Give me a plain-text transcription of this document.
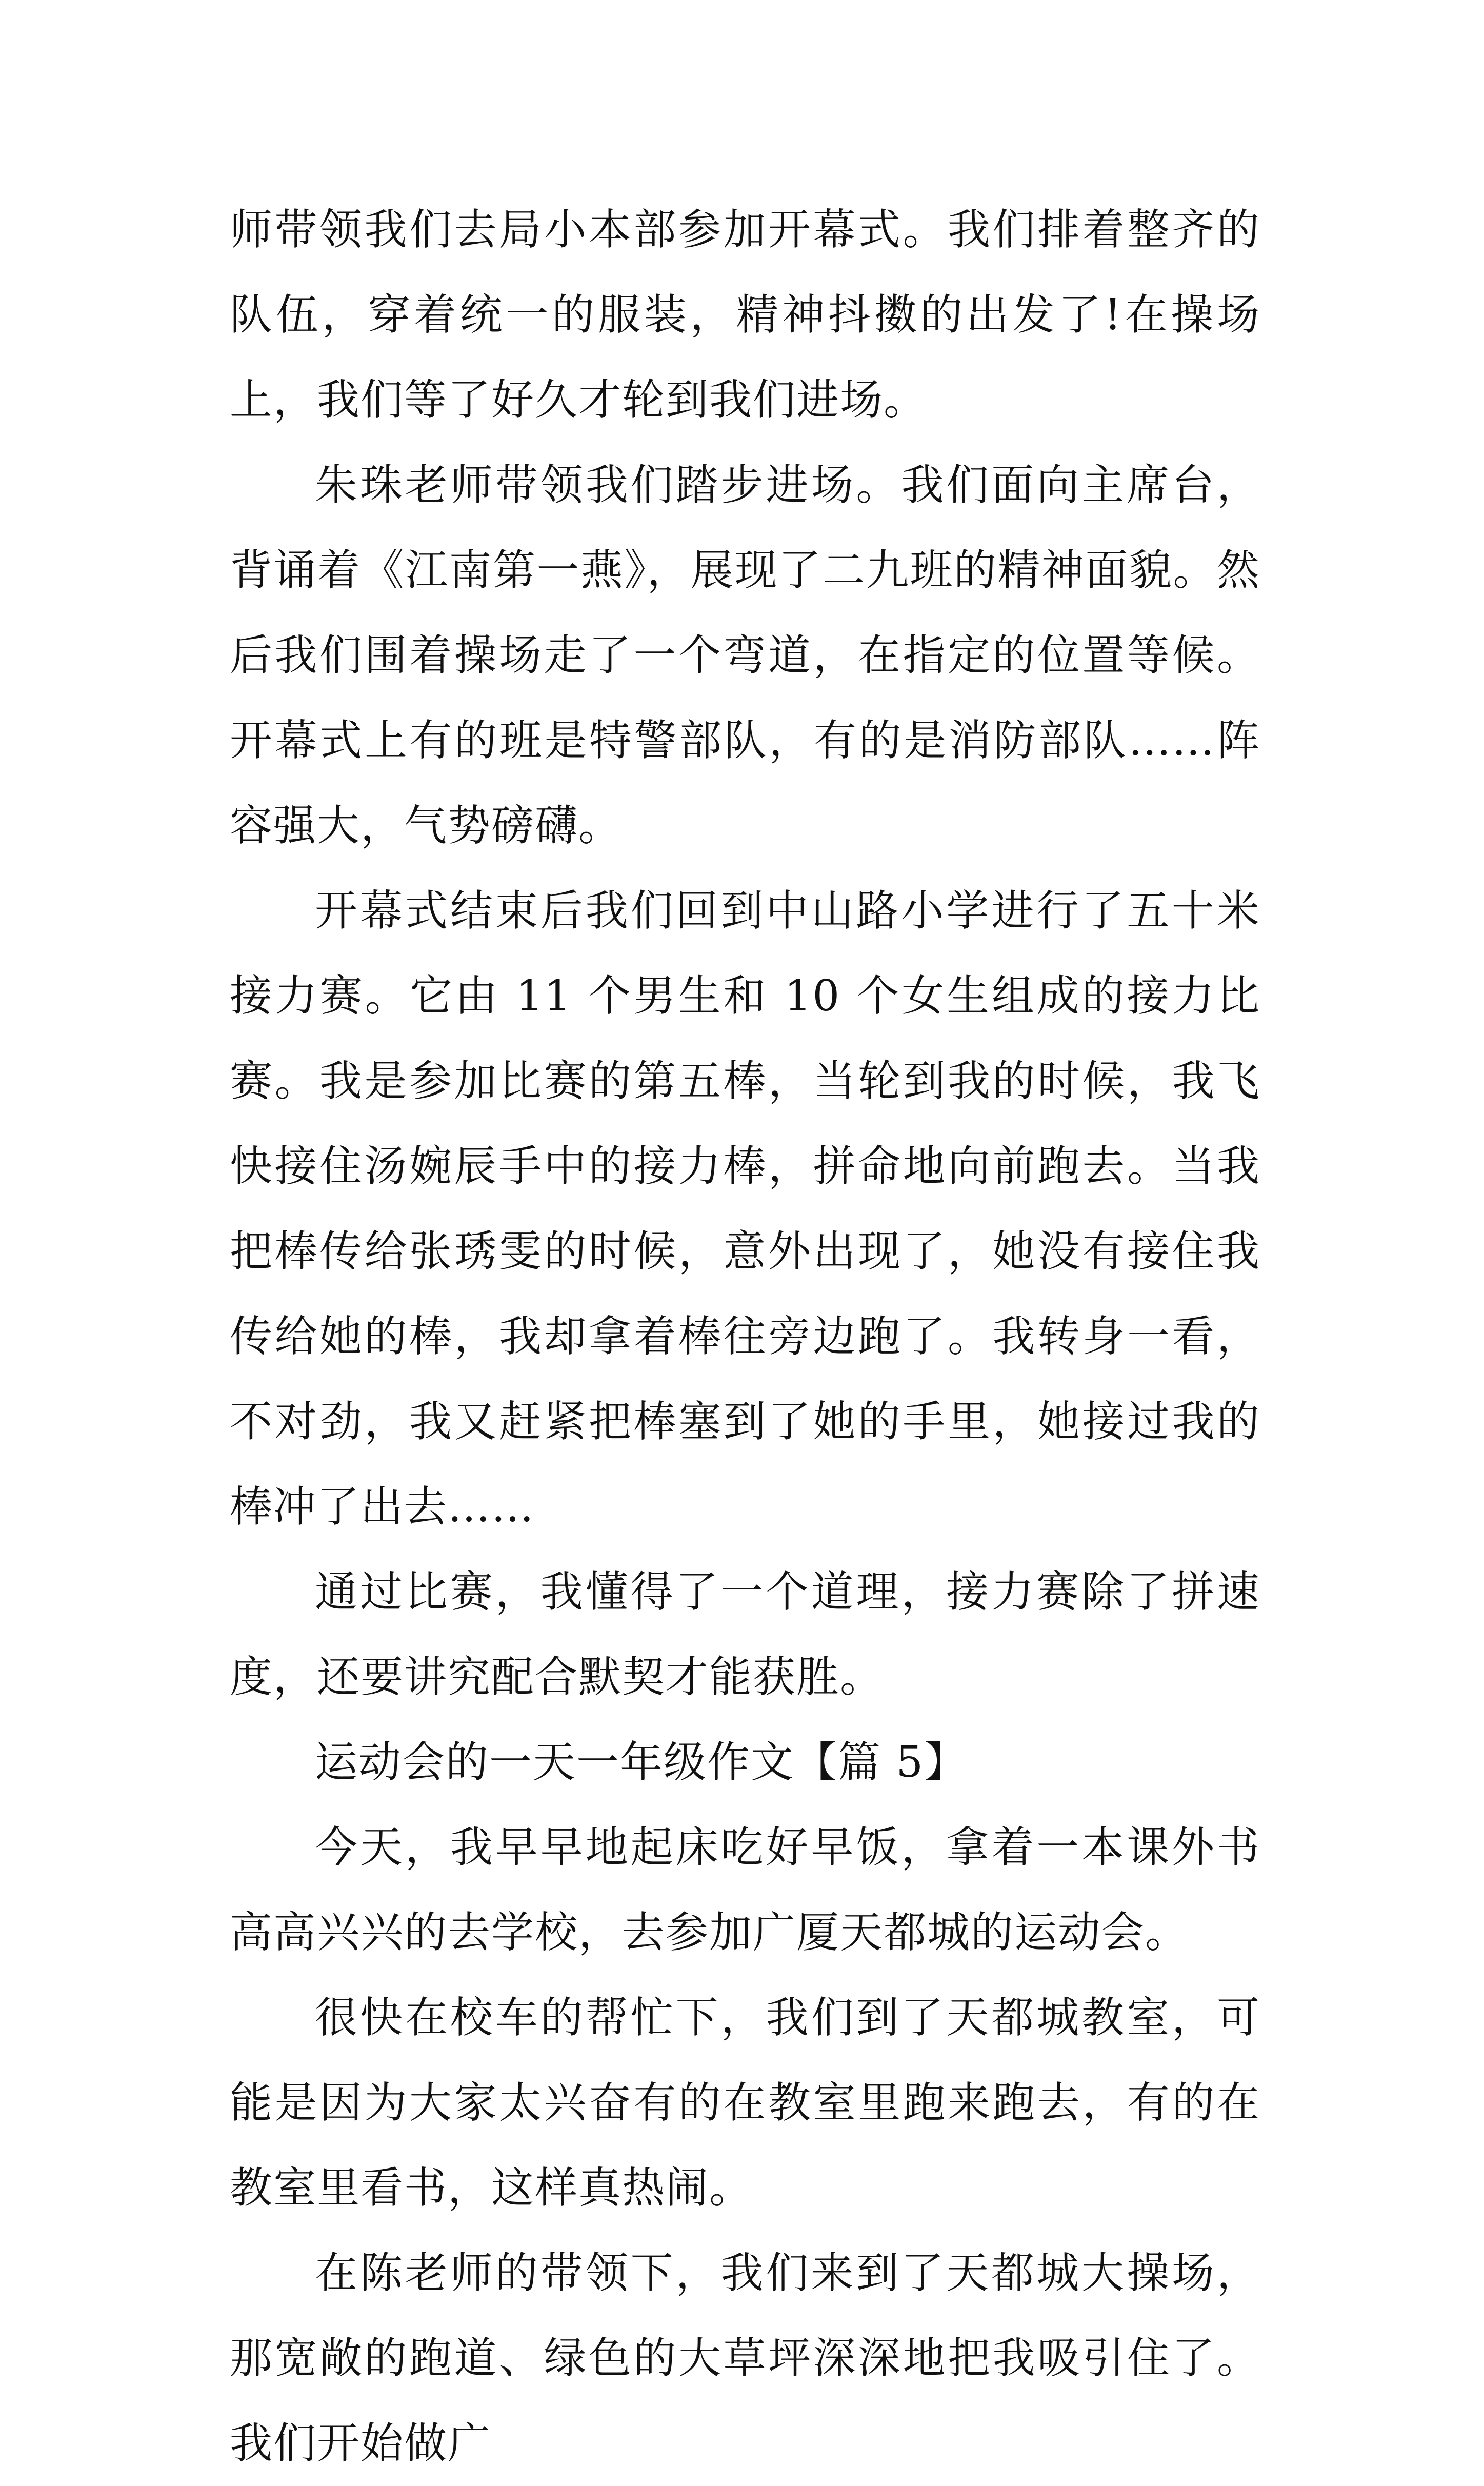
师带领我们去局小本部参加开幕式。我们排着整齐的队伍，穿着统一的服装，精神抖擞的出发了!在操场上，我们等了好久才轮到我们进场。

朱珠老师带领我们踏步进场。我们面向主席台，背诵着《江南第一燕》，展现了二九班的精神面貌。然后我们围着操场走了一个弯道，在指定的位置等候。开幕式上有的班是特警部队，有的是消防部队……阵容强大，气势磅礴。

开幕式结束后我们回到中山路小学进行了五十米接力赛。它由 11 个男生和 10 个女生组成的接力比赛。我是参加比赛的第五棒，当轮到我的时候，我飞快接住汤婉辰手中的接力棒，拼命地向前跑去。当我把棒传给张琇雯的时候，意外出现了，她没有接住我传给她的棒，我却拿着棒往旁边跑了。我转身一看，不对劲，我又赶紧把棒塞到了她的手里，她接过我的棒冲了出去……

通过比赛，我懂得了一个道理，接力赛除了拼速度，还要讲究配合默契才能获胜。

运动会的一天一年级作文【篇 5】

今天，我早早地起床吃好早饭，拿着一本课外书高高兴兴的去学校，去参加广厦天都城的运动会。

很快在校车的帮忙下，我们到了天都城教室，可能是因为大家太兴奋有的在教室里跑来跑去，有的在教室里看书，这样真热闹。

在陈老师的带领下，我们来到了天都城大操场，那宽敞的跑道、绿色的大草坪深深地把我吸引住了。我们开始做广
